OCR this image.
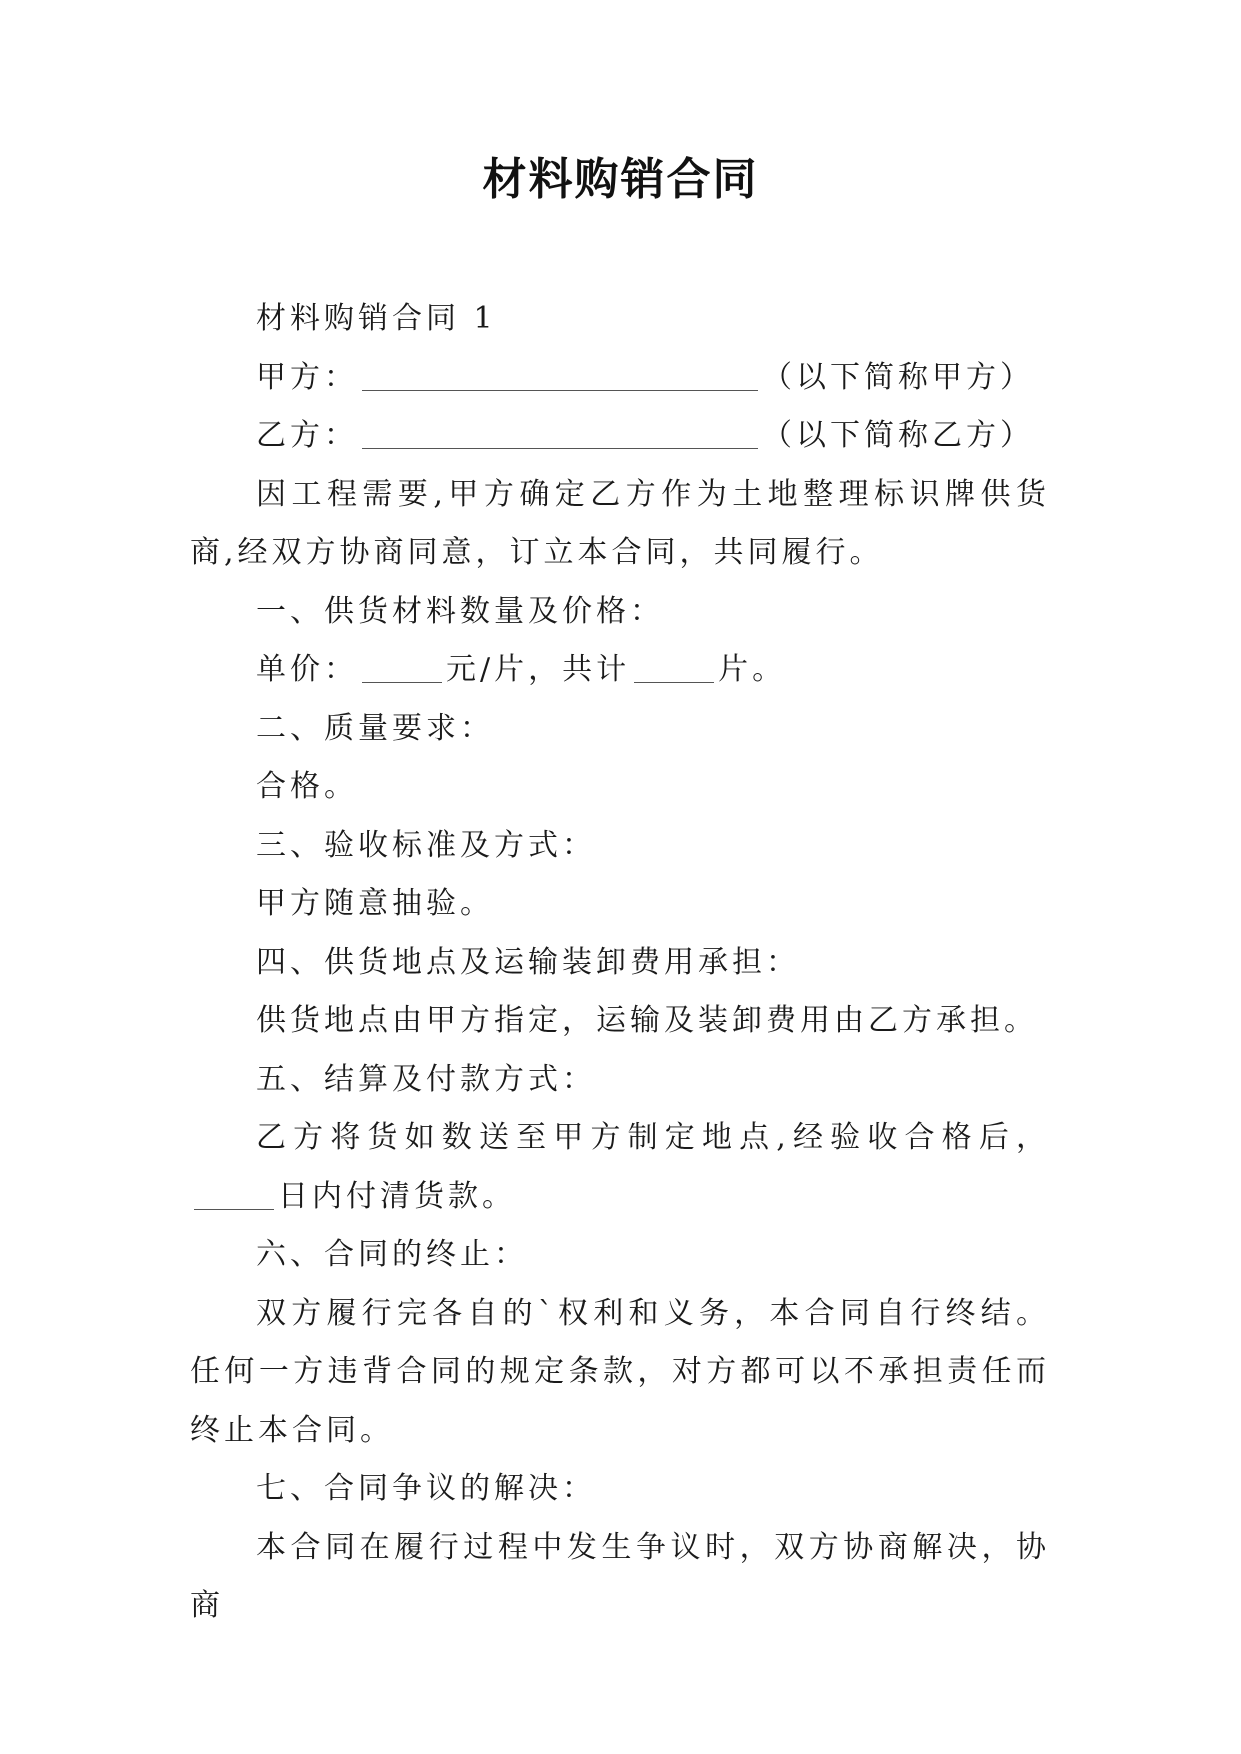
材料购销合同

材料购销合同 1

甲方：	（以下简称甲方）

乙方：	（以下简称乙方）

因工程需要,甲方确定乙方作为土地整理标识牌供货商,经双方协商同意，订立本合同，共同履行。

一、供货材料数量及价格：

单价：	元/片，共计	片。

二、质量要求：

合格。

三、验收标准及方式：

甲方随意抽验。

四、供货地点及运输装卸费用承担：

供货地点由甲方指定，运输及装卸费用由乙方承担。

五、结算及付款方式：

乙方将货如数送至甲方制定地点,经验收合格后，日内付清货款。

六、合同的终止：

双方履行完各自的`权利和义务，本合同自行终结。任何一方违背合同的规定条款，对方都可以不承担责任而终止本合同。

七、合同争议的解决：

本合同在履行过程中发生争议时，双方协商解决，协商
